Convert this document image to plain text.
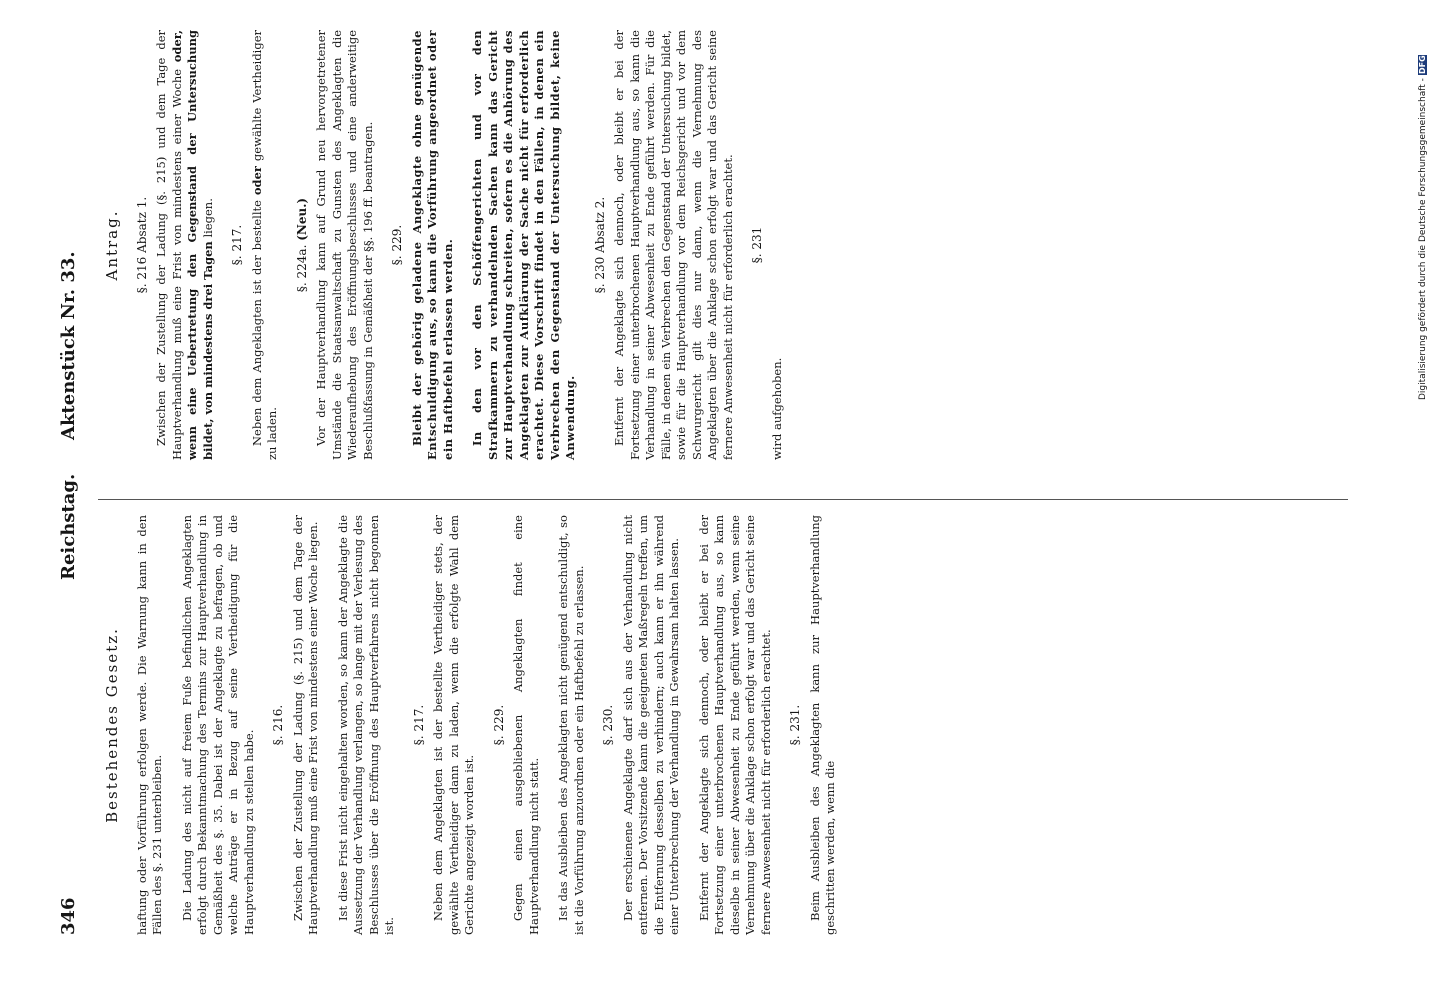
346
Reichstag.
Aktenstück Nr. 33.
Bestehendes Gesetz. haftung oder Vorführung erfolgen werde. Die Warnung kann in den Fällen des §. 231 unterbleiben. Die Ladung des nicht auf freiem Fuße befindlichen Angeklagten erfolgt durch Bekanntmachung des Termins zur Hauptverhandlung in Gemäßheit des §. 35. Dabei ist der Angeklagte zu befragen, ob und welche Anträge er in Bezug auf seine Vertheidigung für die Hauptverhandlung zu stellen habe.

§. 216. Zwischen der Zustellung der Ladung (§. 215) und dem Tage der Hauptverhandlung muß eine Frist von mindestens einer Woche liegen. Ist diese Frist nicht eingehalten worden, so kann der Angeklagte die Aussetzung der Verhandlung verlangen, so lange mit der Verlesung des Beschlusses über die Eröffnung des Hauptverfahrens nicht begonnen ist.

§. 217. Neben dem Angeklagten ist der bestellte Vertheidiger stets, der gewählte Vertheidiger dann zu laden, wenn die erfolgte Wahl dem Gerichte angezeigt worden ist.

§. 229. Gegen einen ausgebliebenen Angeklagten findet eine Hauptverhandlung nicht statt. Ist das Ausbleiben des Angeklagten nicht genügend entschuldigt, so ist die Vorführung anzuordnen oder ein Haftbefehl zu erlassen. §. 230. Der erschienene Angeklagte darf sich aus der Verhandlung nicht entfernen. Der Vorsitzende kann die geeigneten Maßregeln treffen, um die Entfernung desselben zu verhindern; auch kann er ihn während einer Unterbrechung der Verhandlung in Gewahrsam halten lassen. Entfernt der Angeklagte sich dennoch, oder bleibt er bei der Fortsetzung einer unterbrochenen Hauptverhandlung aus, so kann dieselbe in seiner Abwesenheit zu Ende geführt werden, wenn seine Vernehmung über die Anklage schon erfolgt war und das Gericht seine fernere Anwesenheit nicht für erforderlich erachtet. §. 231. Beim Ausbleiben des Angeklagten kann zur Hauptverhandlung geschritten werden, wenn die

Antrag. §. 216 Absatz 1. Zwischen der Zustellung der Ladung (§. 215) und dem Tage der Hauptverhandlung muß eine Frist von mindestens einer Woche oder, wenn eine Uebertretung den Gegenstand der Untersuchung bildet, von mindestens drei Tagen liegen.

§. 217. Neben dem Angeklagten ist der bestellte oder gewählte Vertheidiger zu laden.

§. 224a. (Neu.) Vor der Hauptverhandlung kann auf Grund neu hervorgetretener Umstände die Staatsanwaltschaft zu Gunsten des Angeklagten die Wiederaufhebung des Eröffnungsbeschlusses und eine anderweitige Beschlußfassung in Gemäßheit der §§. 196 ff. beantragen. §. 229. Bleibt der gehörig geladene Angeklagte ohne genügende Entschuldigung aus, so kann die Vorführung angeordnet oder ein Haftbefehl erlassen werden. In den vor den Schöffengerichten und vor den Strafkammern zu verhandelnden Sachen kann das Gericht zur Hauptverhandlung schreiten, sofern es die Anhörung des Angeklagten zur Aufklärung der Sache nicht für erforderlich erachtet. Diese Vorschrift findet in den Fällen, in denen ein Verbrechen den Gegenstand der Untersuchung bildet, keine Anwendung.

§. 230 Absatz 2. Entfernt der Angeklagte sich dennoch, oder bleibt er bei der Fortsetzung einer unterbrochenen Hauptverhandlung aus, so kann die Verhandlung in seiner Abwesenheit zu Ende geführt werden. Für die Fälle, in denen ein Verbrechen den Gegenstand der Untersuchung bildet, sowie für die Hauptverhandlung vor dem Reichsgericht und vor dem Schwurgericht gilt dies nur dann, wenn die Vernehmung des Angeklagten über die Anklage schon erfolgt war und das Gericht seine fernere Anwesenheit nicht für erforderlich erachtet. §. 231

wird aufgehoben.

Digitalisierung gefördert durch die Deutsche Forschungsgemeinschaft - DFG
